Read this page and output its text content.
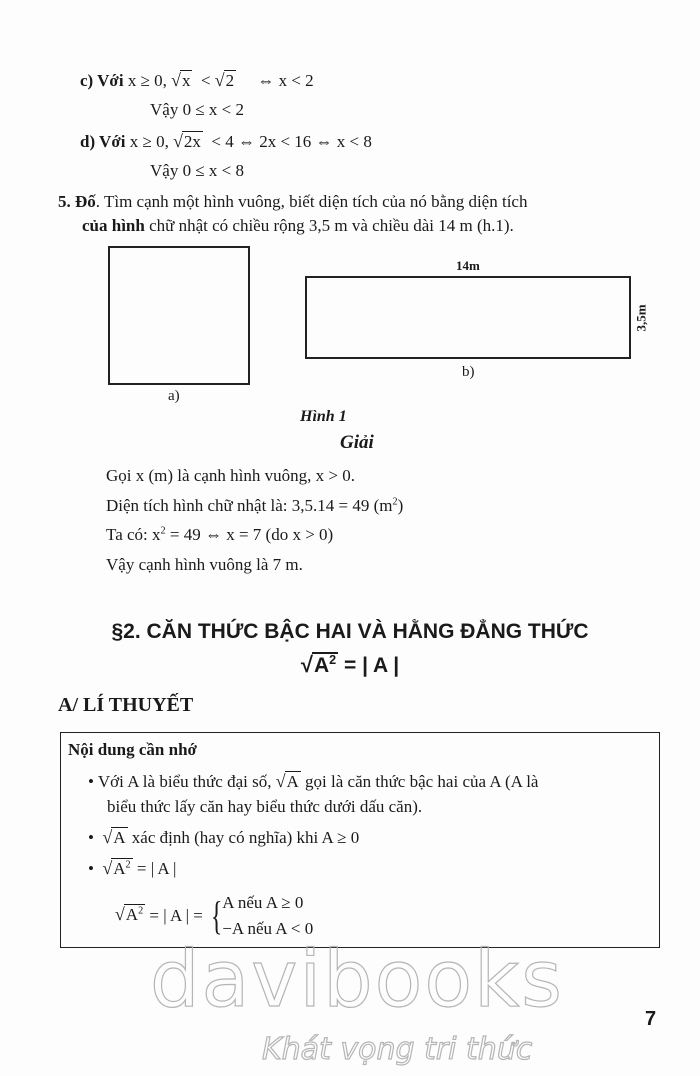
c) Với x ≥ 0, √x < √2 ⇔ x < 2
Vậy 0 ≤ x < 2
d) Với x ≥ 0, √2x < 4 ⇔ 2x < 16 ⇔ x < 8
Vậy 0 ≤ x < 8
5. Đố. Tìm cạnh một hình vuông, biết diện tích của nó bằng diện tích
của hình chữ nhật có chiều rộng 3,5 m và chiều dài 14 m (h.1).
a)
14m
3,5m
b)
Hình 1
Giải
Gọi x (m) là cạnh hình vuông, x > 0.
Diện tích hình chữ nhật là: 3,5.14 = 49 $(m^2)$
Ta có: $x^2 = 49$ ⇔ x = 7 (do x > 0)
Vậy cạnh hình vuông là 7 m.
§2. CĂN THỨC BẬC HAI VÀ HẰNG ĐẲNG THỨC
$√A^2$ = | A |
A/ LÍ THUYẾT
Nội dung cần nhớ
• Với A là biểu thức đại số, √A gọi là căn thức bậc hai của A (A là
biểu thức lấy căn hay biểu thức dưới dấu căn).
• √A xác định (hay có nghĩa) khi A ≥ 0
• $√A^2$ = | A |
$√A^2$ = | A | = {A nếu A ≥ 0
−A nếu A < 0
davibooks
Khát vọng tri thức
7
